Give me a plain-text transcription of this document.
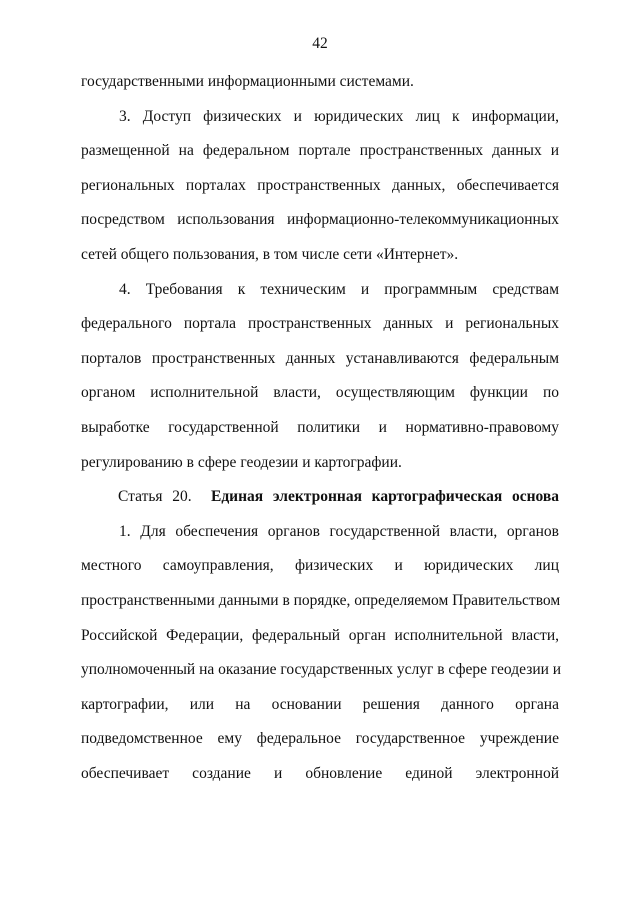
42
государственными информационными системами.
3. Доступ физических и юридических лиц к информации,
размещенной на федеральном портале пространственных данных и
региональных порталах пространственных данных, обеспечивается
посредством использования информационно-телекоммуникационных
сетей общего пользования, в том числе сети «Интернет».
4. Требования к техническим и программным средствам
федерального портала пространственных данных и региональных
порталов пространственных данных устанавливаются федеральным
органом исполнительной власти, осуществляющим функции по
выработке государственной политики и нормативно-правовому
регулированию в сфере геодезии и картографии.
Статья 20. Единая электронная картографическая основа
1. Для обеспечения органов государственной власти, органов
местного самоуправления, физических и юридических лиц
пространственными данными в порядке, определяемом Правительством
Российской Федерации, федеральный орган исполнительной власти,
уполномоченный на оказание государственных услуг в сфере геодезии и
картографии, или на основании решения данного органа
подведомственное ему федеральное государственное учреждение
обеспечивает создание и обновление единой электронной
